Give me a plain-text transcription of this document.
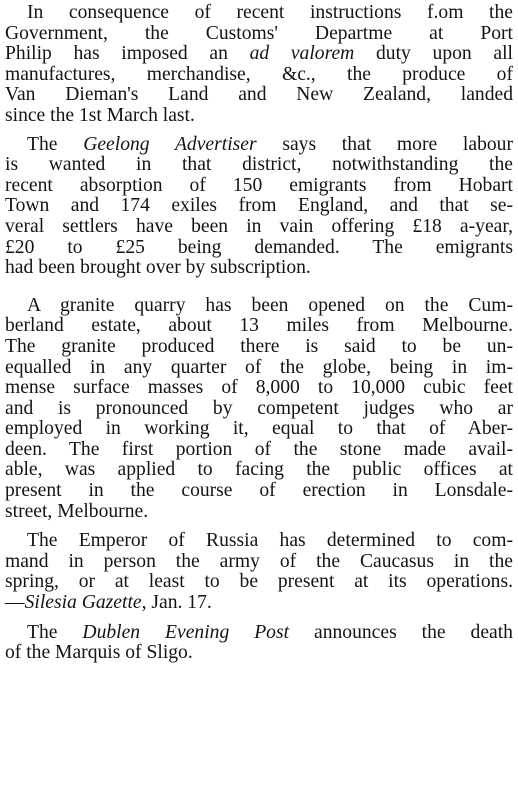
In consequence of recent instructions f.om the
Government, the Customs' Departme at Port
Philip has imposed an ad valorem duty upon all
manufactures, merchandise, &c., the produce of
Van Dieman's Land and New Zealand, landed
since the 1st March last.

The Geelong Advertiser says that more labour
is wanted in that district, notwithstanding the
recent absorption of 150 emigrants from Hobart
Town and 174 exiles from England, and that se-
veral settlers have been in vain offering £18 a-year,
£20 to £25 being demanded. The emigrants
had been brought over by subscription.

A granite quarry has been opened on the Cum-
berland estate, about 13 miles from Melbourne.
The granite produced there is said to be un-
equalled in any quarter of the globe, being in im-
mense surface masses of 8,000 to 10,000 cubic feet
and is pronounced by competent judges who ar
employed in working it, equal to that of Aber-
deen. The first portion of the stone made avail-
able, was applied to facing the public offices at
present in the course of erection in Lonsdale-
street, Melbourne.

The Emperor of Russia has determined to com-
mand in person the army of the Caucasus in the
spring, or at least to be present at its operations.
—Silesia Gazette, Jan. 17.

The Dublen Evening Post announces the death
of the Marquis of Sligo.
